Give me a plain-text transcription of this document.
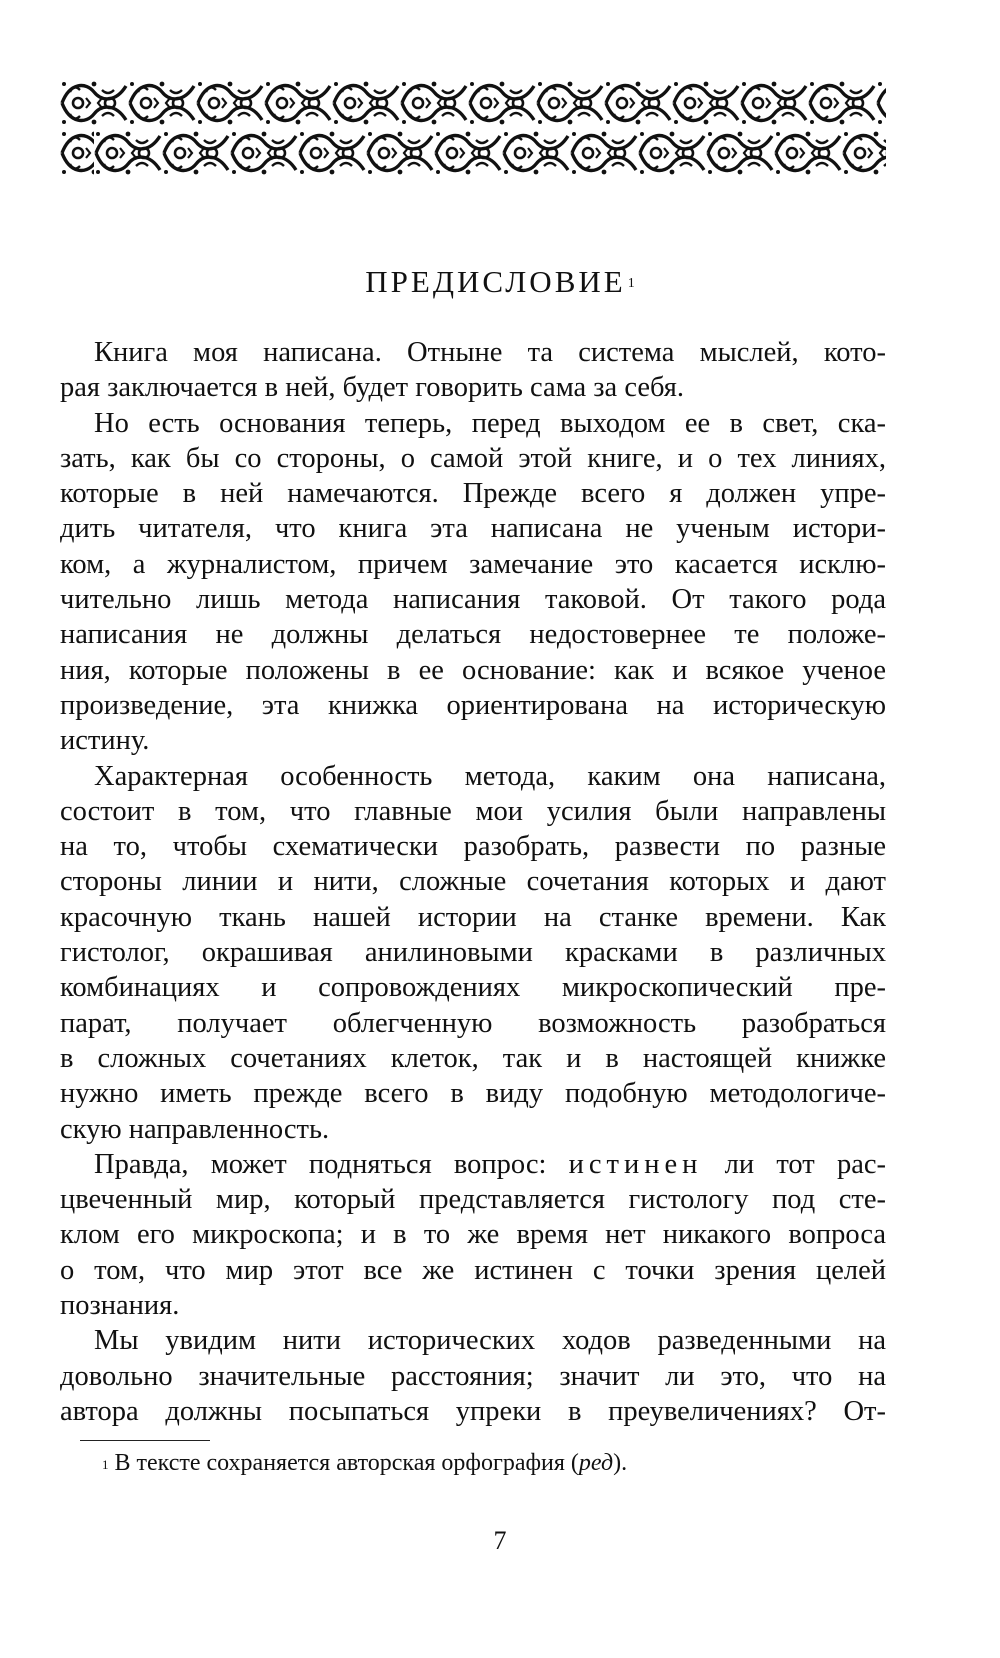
ПРЕДИСЛОВИЕ $^1$
Книга моя написана. Отныне та система мыслей, кото-
рая заключается в ней, будет говорить сама за себя.
Но есть основания теперь, перед выходом ее в свет, ска-
зать, как бы со стороны, о самой этой книге, и о тех линиях,
которые в ней намечаются. Прежде всего я должен упре-
дить читателя, что книга эта написана не ученым истори-
ком, а журналистом, причем замечание это касается исклю-
чительно лишь метода написания таковой. От такого рода
написания не должны делаться недостовернее те положе-
ния, которые положены в ее основание: как и всякое ученое
произведение, эта книжка ориентирована на историческую
истину.
Характерная особенность метода, каким она написана,
состоит в том, что главные мои усилия были направлены
на то, чтобы схематически разобрать, развести по разные
стороны линии и нити, сложные сочетания которых и дают
красочную ткань нашей истории на станке времени. Как
гистолог, окрашивая анилиновыми красками в различных
комбинациях и сопровождениях микроскопический пре-
парат, получает облегченную возможность разобраться
в сложных сочетаниях клеток, так и в настоящей книжке
нужно иметь прежде всего в виду подобную методологиче-
скую направленность.
Правда, может подняться вопрос: истинен ли тот рас-
цвеченный мир, который представляется гистологу под сте-
клом его микроскопа; и в то же время нет никакого вопроса
о том, что мир этот все же истинен с точки зрения целей
познания.
Мы увидим нити исторических ходов разведенными на
довольно значительные расстояния; значит ли это, что на
автора должны посыпаться упреки в преувеличениях? От-
$^1$ В тексте сохраняется авторская орфография (ред).
7
